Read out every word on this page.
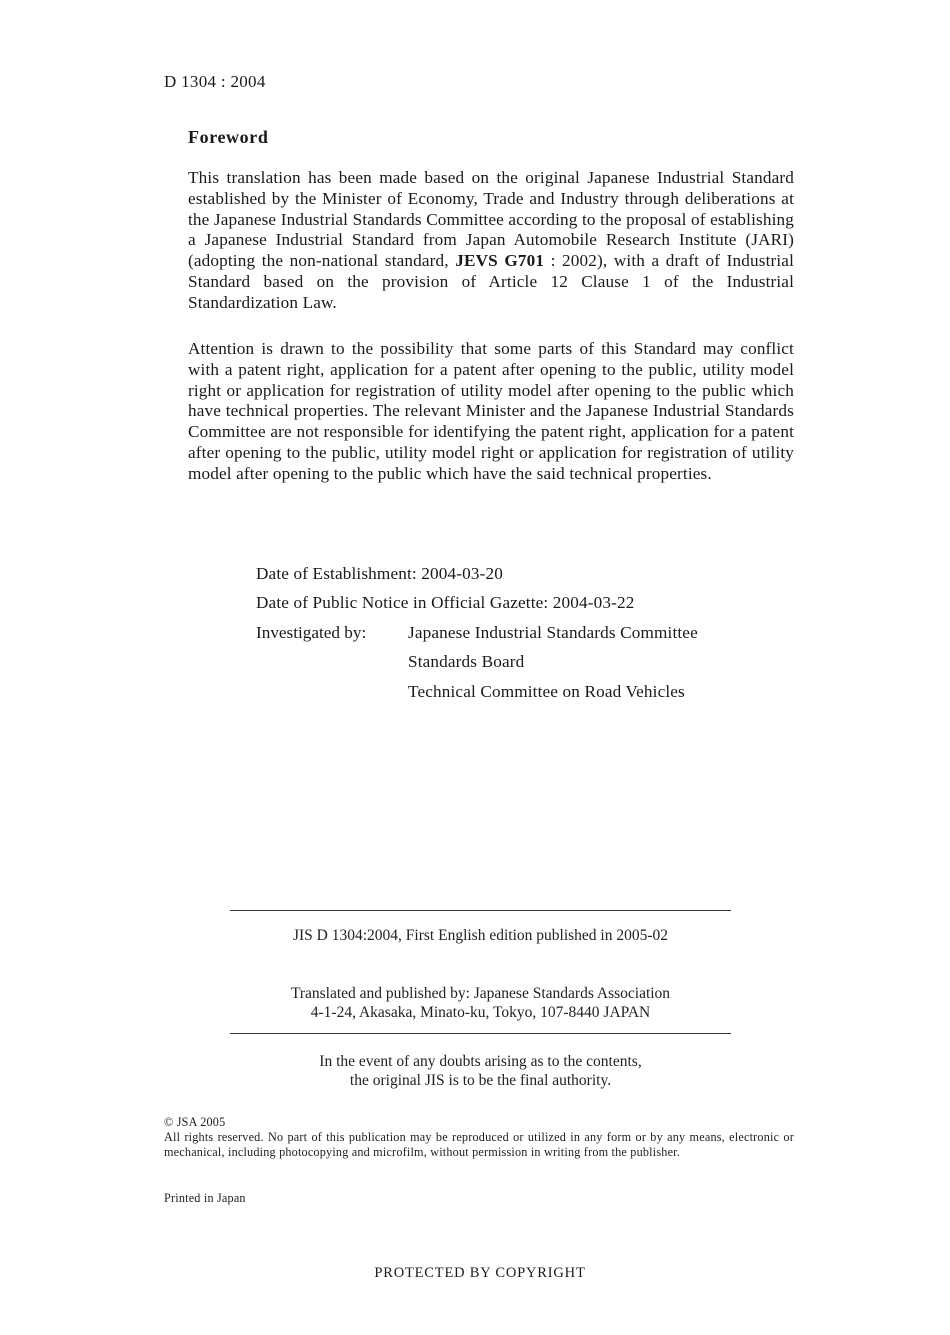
D 1304 : 2004
Foreword
This translation has been made based on the original Japanese Industrial Standard established by the Minister of Economy, Trade and Industry through deliberations at the Japanese Industrial Standards Committee according to the proposal of establishing a Japanese Industrial Standard from Japan Automobile Research Institute (JARI) (adopting the non-national standard, JEVS G701 : 2002), with a draft of Industrial Standard based on the provision of Article 12 Clause 1 of the Industrial Standardization Law.
Attention is drawn to the possibility that some parts of this Standard may conflict with a patent right, application for a patent after opening to the public, utility model right or application for registration of utility model after opening to the public which have technical properties. The relevant Minister and the Japanese Industrial Standards Committee are not responsible for identifying the patent right, application for a patent after opening to the public, utility model right or application for registration of utility model after opening to the public which have the said technical properties.
Date of Establishment: 2004-03-20
Date of Public Notice in Official Gazette: 2004-03-22
Investigated by: Japanese Industrial Standards Committee
Standards Board
Technical Committee on Road Vehicles
JIS D 1304:2004, First English edition published in 2005-02
Translated and published by: Japanese Standards Association
4-1-24, Akasaka, Minato-ku, Tokyo, 107-8440 JAPAN
In the event of any doubts arising as to the contents,
the original JIS is to be the final authority.
© JSA 2005
All rights reserved. No part of this publication may be reproduced or utilized in any form or by any means, electronic or mechanical, including photocopying and microfilm, without permission in writing from the publisher.
Printed in Japan
PROTECTED BY COPYRIGHT
